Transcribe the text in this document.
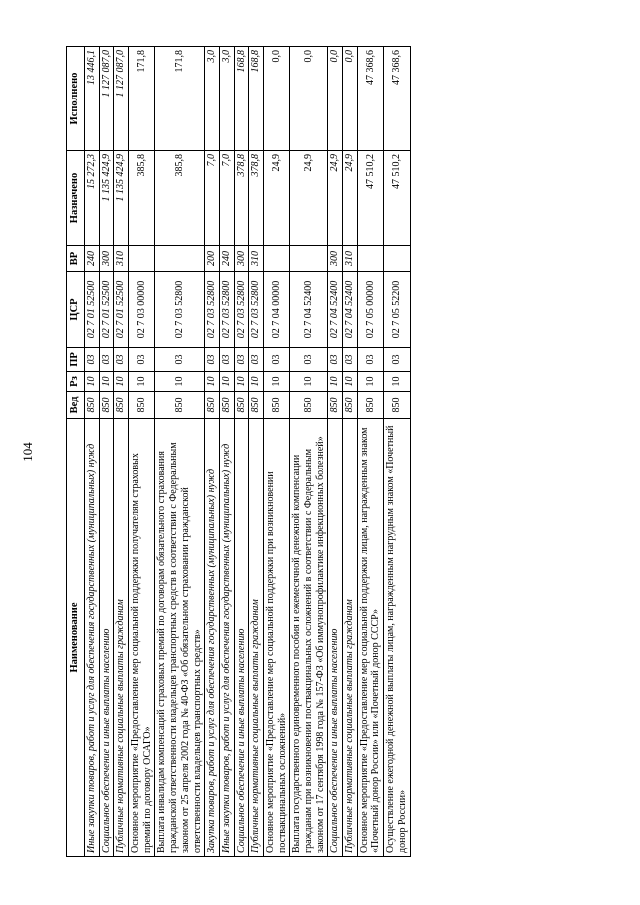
104
Наименование	Вед	Рз	ПР	ЦСР	ВР	Назначено	Исполнено
Иные закупки товаров, работ и услуг для обеспечения государственных (муниципальных) нужд	850	10	03	02 7 01 52500	240	15 272,3	13 446,1
Социальное обеспечение и иные выплаты населению	850	10	03	02 7 01 52500	300	1 135 424,9	1 127 087,0
Публичные нормативные социальные выплаты гражданам	850	10	03	02 7 01 52500	310	1 135 424,9	1 127 087,0
Основное мероприятие «Предоставление мер социальной поддержки получателям страховых премий по договору ОСАГО»	850	10	03	02 7 03 00000		385,8	171,8
Выплата инвалидам компенсаций страховых премий по договорам обязательного страхования гражданской ответственности владельцев транспортных средств в соответствии с Федеральным законом от 25 апреля 2002 года № 40-ФЗ «Об обязательном страховании гражданской ответственности владельцев транспортных средств»	850	10	03	02 7 03 52800		385,8	171,8
Закупка товаров, работ и услуг для обеспечения государственных (муниципальных) нужд	850	10	03	02 7 03 52800	200	7,0	3,0
Иные закупки товаров, работ и услуг для обеспечения государственных (муниципальных) нужд	850	10	03	02 7 03 52800	240	7,0	3,0
Социальное обеспечение и иные выплаты населению	850	10	03	02 7 03 52800	300	378,8	168,8
Публичные нормативные социальные выплаты гражданам	850	10	03	02 7 03 52800	310	378,8	168,8
Основное мероприятие «Предоставление мер социальной поддержки при возникновении поствакцинальных осложнений»	850	10	03	02 7 04 00000		24,9	0,0
Выплата государственного единовременного пособия и ежемесячной денежной компенсации гражданам при возникновении поствакцинальных осложнений в соответствии с Федеральным законом от 17 сентября 1998 года № 157-ФЗ «Об иммунопрофилактике инфекционных болезней»	850	10	03	02 7 04 52400		24,9	0,0
Социальное обеспечение и иные выплаты населению	850	10	03	02 7 04 52400	300	24,9	0,0
Публичные нормативные социальные выплаты гражданам	850	10	03	02 7 04 52400	310	24,9	0,0
Основное мероприятие «Предоставление мер социальной поддержки лицам, награжденным знаком «Почетный донор России» или «Почетный донор СССР»	850	10	03	02 7 05 00000		47 510,2	47 368,6
Осуществление ежегодной денежной выплаты лицам, награжденным нагрудным знаком «Почетный донор России»	850	10	03	02 7 05 52200		47 510,2	47 368,6
